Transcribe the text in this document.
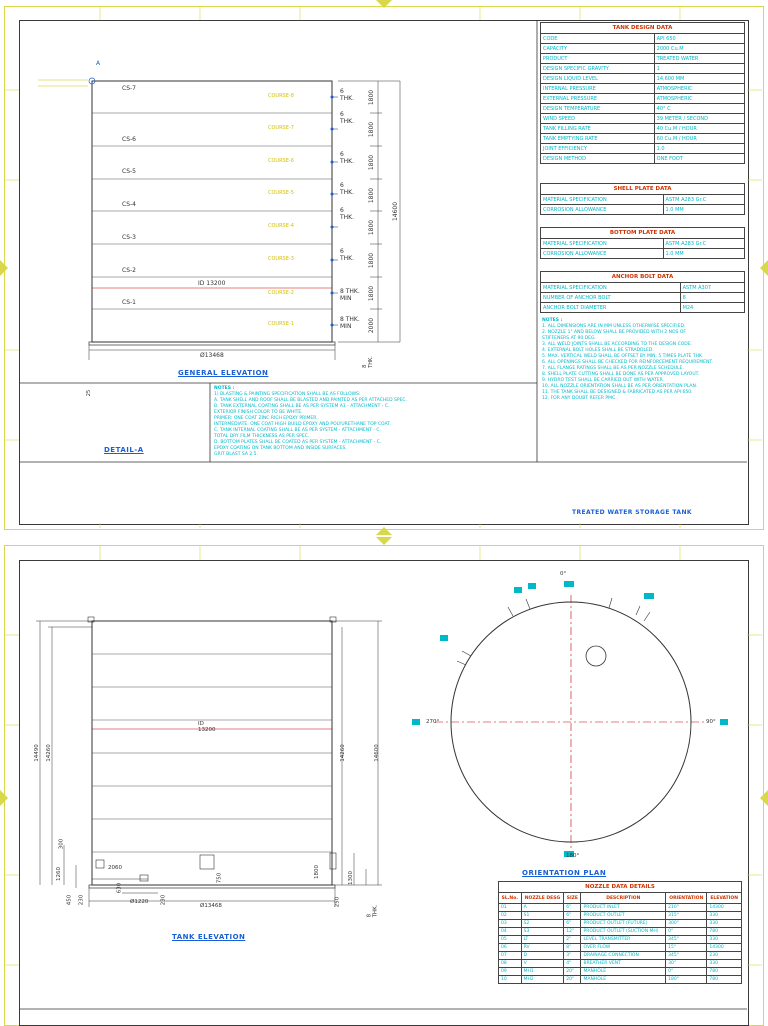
CS-7
CS-6
CS-5
CS-4
CS-3
CS-2
CS-1
COURSE-8
COURSE-7
COURSE-6
COURSE-5
COURSE-4
COURSE-3
COURSE-2
COURSE-1
6 THK.
6 THK.
6 THK.
6 THK.
6 THK.
6 THK.
8 THK. MIN
8 THK. MIN
1800
1800
1800
1800
1800
1800
1800
2000
14600
8 THK.
ID 13200
Ø13468
A
25
GENERAL ELEVATION
DETAIL-A
NOTES :
1) BLASTING & PAINTING SPECIFICATION SHALL BE AS FOLLOWS:
A. TANK SHELL AND ROOF SHALL BE BLASTED AND PAINTED AS PER ATTACHED SPEC.
B. TANK EXTERNAL COATING SHALL BE AS PER SYSTEM A1 - ATTACHMENT - C.
EXTERIOR FINISH COLOR TO BE WHITE.
PRIMER: ONE COAT ZINC RICH EPOXY PRIMER.
INTERMEDIATE: ONE COAT HIGH BUILD EPOXY AND POLYURETHANE TOP COAT.
C. TANK INTERNAL COATING SHALL BE AS PER SYSTEM - ATTACHMENT - C.
TOTAL DRY FILM THICKNESS AS PER SPEC.
D. BOTTOM PLATES SHALL BE COATED AS PER SYSTEM - ATTACHMENT - C.
EPOXY COATING ON TANK BOTTOM AND INSIDE SURFACES.
GRIT BLAST SA 2.5.
TANK DESIGN DATA	
CODE	API 650
CAPACITY	2000 Cu.M
PRODUCT	TREATED WATER
DESIGN SPECIFIC GRAVITY	1
DESIGN LIQUID LEVEL	14,600 MM
INTERNAL PRESSURE	ATMOSPHERIC
EXTERNAL PRESSURE	ATMOSPHERIC
DESIGN TEMPERATURE	40° C
WIND SPEED	39 METER / SECOND
TANK FILLING RATE	40 Cu.M / HOUR
TANK EMPTYING RATE	60 Cu.M / HOUR
JOINT EFFICIENCY	1.0
DESIGN METHOD	ONE FOOT
SHELL PLATE DATA	
MATERIAL SPECIFICATION	ASTM A283 Gr.C
CORROSION ALLOWANCE	1.0 MM
BOTTOM PLATE DATA	
MATERIAL SPECIFICATION	ASTM A283 Gr.C
CORROSION ALLOWANCE	1.0 MM
ANCHOR BOLT DATA	
MATERIAL SPECIFICATION	ASTM A307
NUMBER OF ANCHOR BOLT	8
ANCHOR BOLT DIAMETER	M24
NOTES :
1. ALL DIMENSIONS ARE IN MM UNLESS OTHERWISE SPECIFIED.
2. NOZZLE 1" AND BELOW SHALL BE PROVIDED WITH 2 NOS OF
STIFFENERS AT 90 DEG.
3. ALL WELD JOINTS SHALL BE ACCORDING TO THE DESIGN CODE.
4. EXTERNAL BOLT HOLES SHALL BE STRADDLED.
5. MAX. VERTICAL WELD SHALL BE OFFSET BY MIN. 5 TIMES PLATE THK.
6. ALL OPENINGS SHALL BE CHECKED FOR REINFORCEMENT REQUIREMENT.
7. ALL FLANGE RATINGS SHALL BE AS PER NOZZLE SCHEDULE.
8. SHELL PLATE CUTTING SHALL BE DONE AS PER APPROVED LAYOUT.
9. HYDRO TEST SHALL BE CARRIED OUT WITH WATER.
10. ALL NOZZLE ORIENTATION SHALL BE AS PER ORIENTATION PLAN.
11. THE TANK SHALL BE DESIGNED & FABRICATED AS PER API 650.
12. FOR ANY DOUBT REFER PMC.
TREATED WATER STORAGE TANK
14490 14260
300
1260
450 230
14260	14600
1800	1300
250
2060
Ø1220 230
750
630
ID 13200
Ø13468
8 THK.
TANK ELEVATION
0°
90°
180°
270°
ORIENTATION PLAN
NOZZLE DATA DETAILS					
SL.No.	NOZZLE DESG	SIZE	DESCRIPTION	ORIENTATION	ELEVATION
01	A	6"	PRODUCT INLET	210°	14300
02	S1	6"	PRODUCT OUTLET	315°	330
03	S2	6"	PRODUCT OUTLET (FUTURE)	300°	330
04	S3	12"	PRODUCT OUTLET (SUCTION MH)	0°	780
05	LT	2"	LEVEL TRANSMITTER	345°	330
06	RV	8"	OVER FLOW	15°	14300
07	D	3"	DRAINAGE CONNECTION	345°	230
08	V	4"	BREATHER VENT	30°	330
09	MH1	20"	MANHOLE	0°	780
10	MH2	20"	MANHOLE	180°	780
